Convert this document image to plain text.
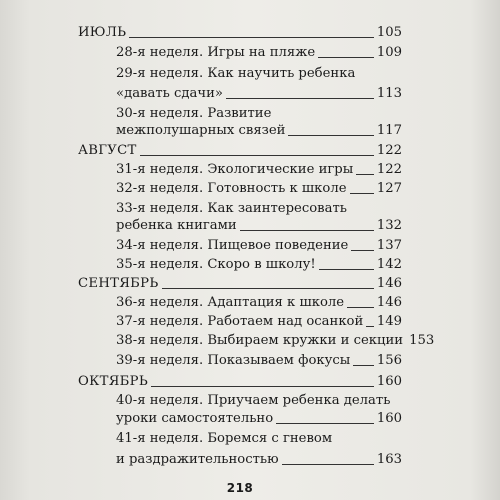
ИЮЛЬ	105
28-я неделя. Игры на пляже	109
29-я неделя. Как научить ребенка
«давать сдачи»	113
30-я неделя. Развитие
межполушарных связей	117
АВГУСТ	122
31-я неделя. Экологические игры 122
32-я неделя. Готовность к школе 127
33-я неделя. Как заинтересовать
ребенка книгами	132
34-я неделя. Пищевое поведение 137
35-я неделя. Скоро в школу!	142
СЕНТЯБРЬ	146
36-я неделя. Адаптация к школе 146
37-я неделя. Работаем над осанкой 149
38-я неделя. Выбираем кружки и секции 153
39-я неделя. Показываем фокусы 156
ОКТЯБРЬ	160
40-я неделя. Приучаем ребенка делать
уроки самостоятельно	160
41-я неделя. Боремся с гневом
и раздражительностью	163
218
